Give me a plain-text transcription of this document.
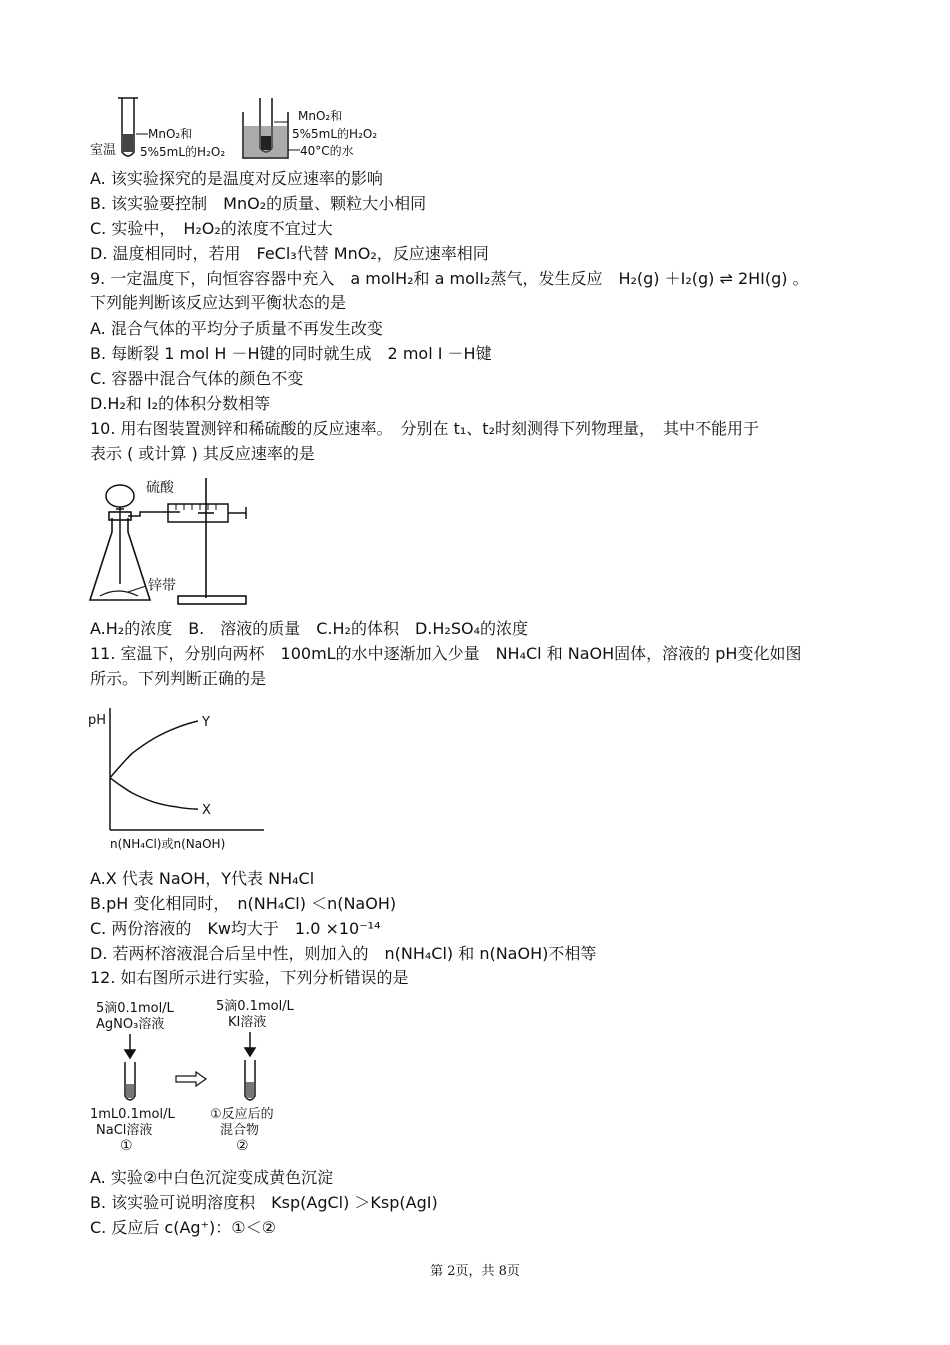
室温
MnO₂和
5%5mL的H₂O₂
MnO₂和
5%5mL的H₂O₂
40°C的水
A. 该实验探究的是温度对反应速率的影响
B. 该实验要控制　MnO₂的质量、颗粒大小相同
C. 实验中，　H₂O₂的浓度不宜过大
D. 温度相同时，若用　FeCl₃代替 MnO₂，反应速率相同
9. 一定温度下，向恒容容器中充入　a molH₂和 a molI₂蒸气，发生反应　H₂(g) ＋I₂(g) ⇌ 2HI(g) 。
下列能判断该反应达到平衡状态的是
A. 混合气体的平均分子质量不再发生改变
B. 每断裂 1 mol H －H键的同时就生成　2 mol I －H键
C. 容器中混合气体的颜色不变
D.H₂和 I₂的体积分数相等
10. 用右图装置测锌和稀硫酸的反应速率。　分别在 t₁、t₂时刻测得下列物理量，　其中不能用于
表示 ( 或计算 ) 其反应速率的是
硫酸
锌带
A.H₂的浓度　B.　溶液的质量　C.H₂的体积　D.H₂SO₄的浓度
11. 室温下，分别向两杯　100mL的水中逐渐加入少量　NH₄Cl 和 NaOH固体，溶液的 pH变化如图
所示。下列判断正确的是
pH
n(NH₄Cl)或n(NaOH)
Y
X
A.X 代表 NaOH，Y代表 NH₄Cl
B.pH 变化相同时，　n(NH₄Cl) ＜n(NaOH)
C. 两份溶液的　Kw均大于　1.0 ×10⁻¹⁴
D. 若两杯溶液混合后呈中性，则加入的　n(NH₄Cl) 和 n(NaOH)不相等
12. 如右图所示进行实验，下列分析错误的是
5滴0.1mol/L
AgNO₃溶液
5滴0.1mol/L
KI溶液
1mL0.1mol/L
NaCl溶液
①
①反应后的
混合物
②
A. 实验②中白色沉淀变成黄色沉淀
B. 该实验可说明溶度积　Ksp(AgCl) ＞Ksp(AgI)
C. 反应后 c(Ag⁺)：①＜②
第 2页，共 8页
